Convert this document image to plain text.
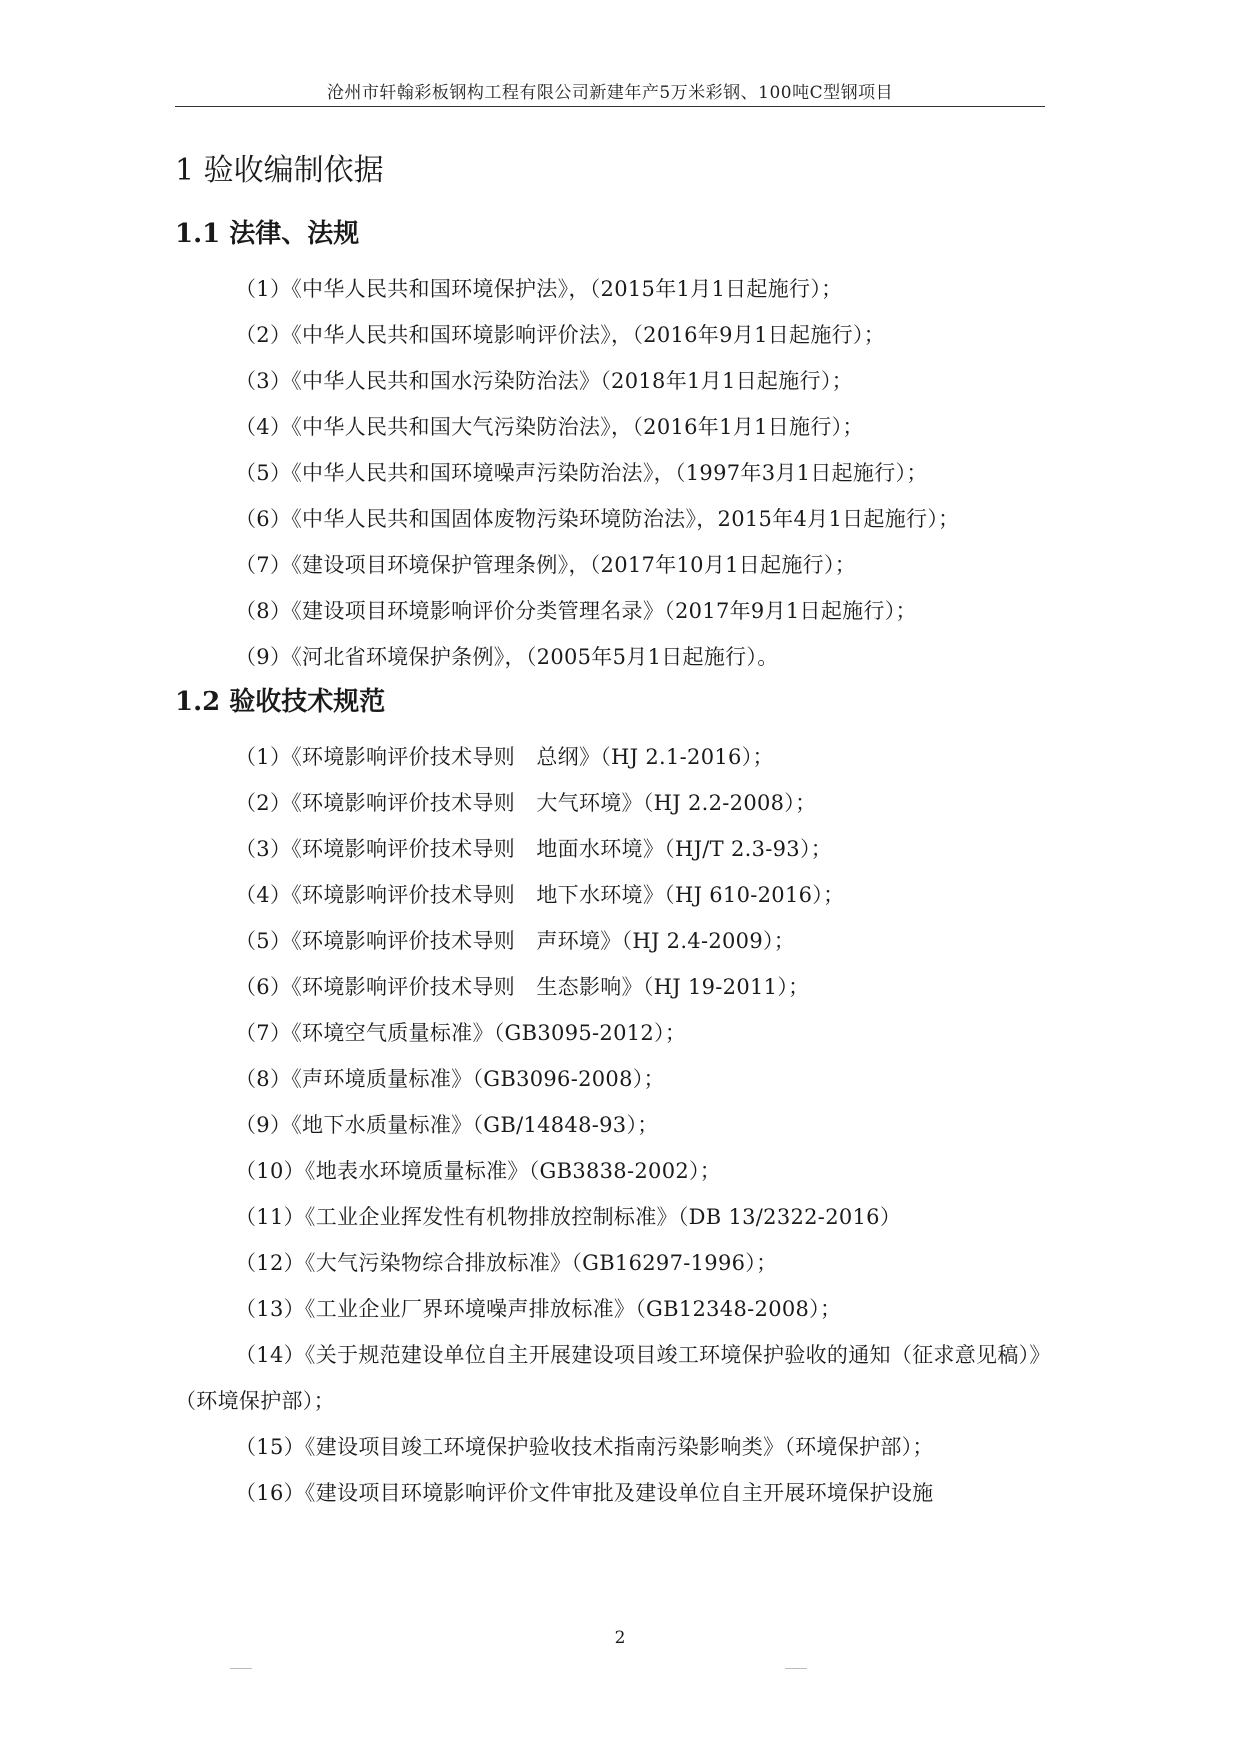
沧州市轩翰彩板钢构工程有限公司新建年产5万米彩钢、100吨C型钢项目
1 验收编制依据
1.1 法律、法规

（1）《中华人民共和国环境保护法》，（2015年1月1日起施行）；

（2）《中华人民共和国环境影响评价法》，（2016年9月1日起施行）；

（3）《中华人民共和国水污染防治法》（2018年1月1日起施行）；

（4）《中华人民共和国大气污染防治法》，（2016年1月1日施行）；

（5）《中华人民共和国环境噪声污染防治法》，（1997年3月1日起施行）；

（6）《中华人民共和国固体废物污染环境防治法》，2015年4月1日起施行）；

（7）《建设项目环境保护管理条例》，（2017年10月1日起施行）；

（8）《建设项目环境影响评价分类管理名录》（2017年9月1日起施行）；

（9）《河北省环境保护条例》，（2005年5月1日起施行）。

1.2 验收技术规范

（1）《环境影响评价技术导则　总纲》（HJ 2.1-2016）；

（2）《环境影响评价技术导则　大气环境》（HJ 2.2-2008）；

（3）《环境影响评价技术导则　地面水环境》（HJ/T 2.3-93）；

（4）《环境影响评价技术导则　地下水环境》（HJ 610-2016）；

（5）《环境影响评价技术导则　声环境》（HJ 2.4-2009）；

（6）《环境影响评价技术导则　生态影响》（HJ 19-2011）；

（7）《环境空气质量标准》（GB3095-2012）；

（8）《声环境质量标准》（GB3096-2008）；

（9）《地下水质量标准》（GB/14848-93）；

（10）《地表水环境质量标准》（GB3838-2002）；

（11）《工业企业挥发性有机物排放控制标准》（DB 13/2322-2016）

（12）《大气污染物综合排放标准》（GB16297-1996）；

（13）《工业企业厂界环境噪声排放标准》（GB12348-2008）；

（14）《关于规范建设单位自主开展建设项目竣工环境保护验收的通知（征求意见稿）》（环境保护部）；

（15）《建设项目竣工环境保护验收技术指南污染影响类》（环境保护部）；

（16）《建设项目环境影响评价文件审批及建设单位自主开展环境保护设施

2
